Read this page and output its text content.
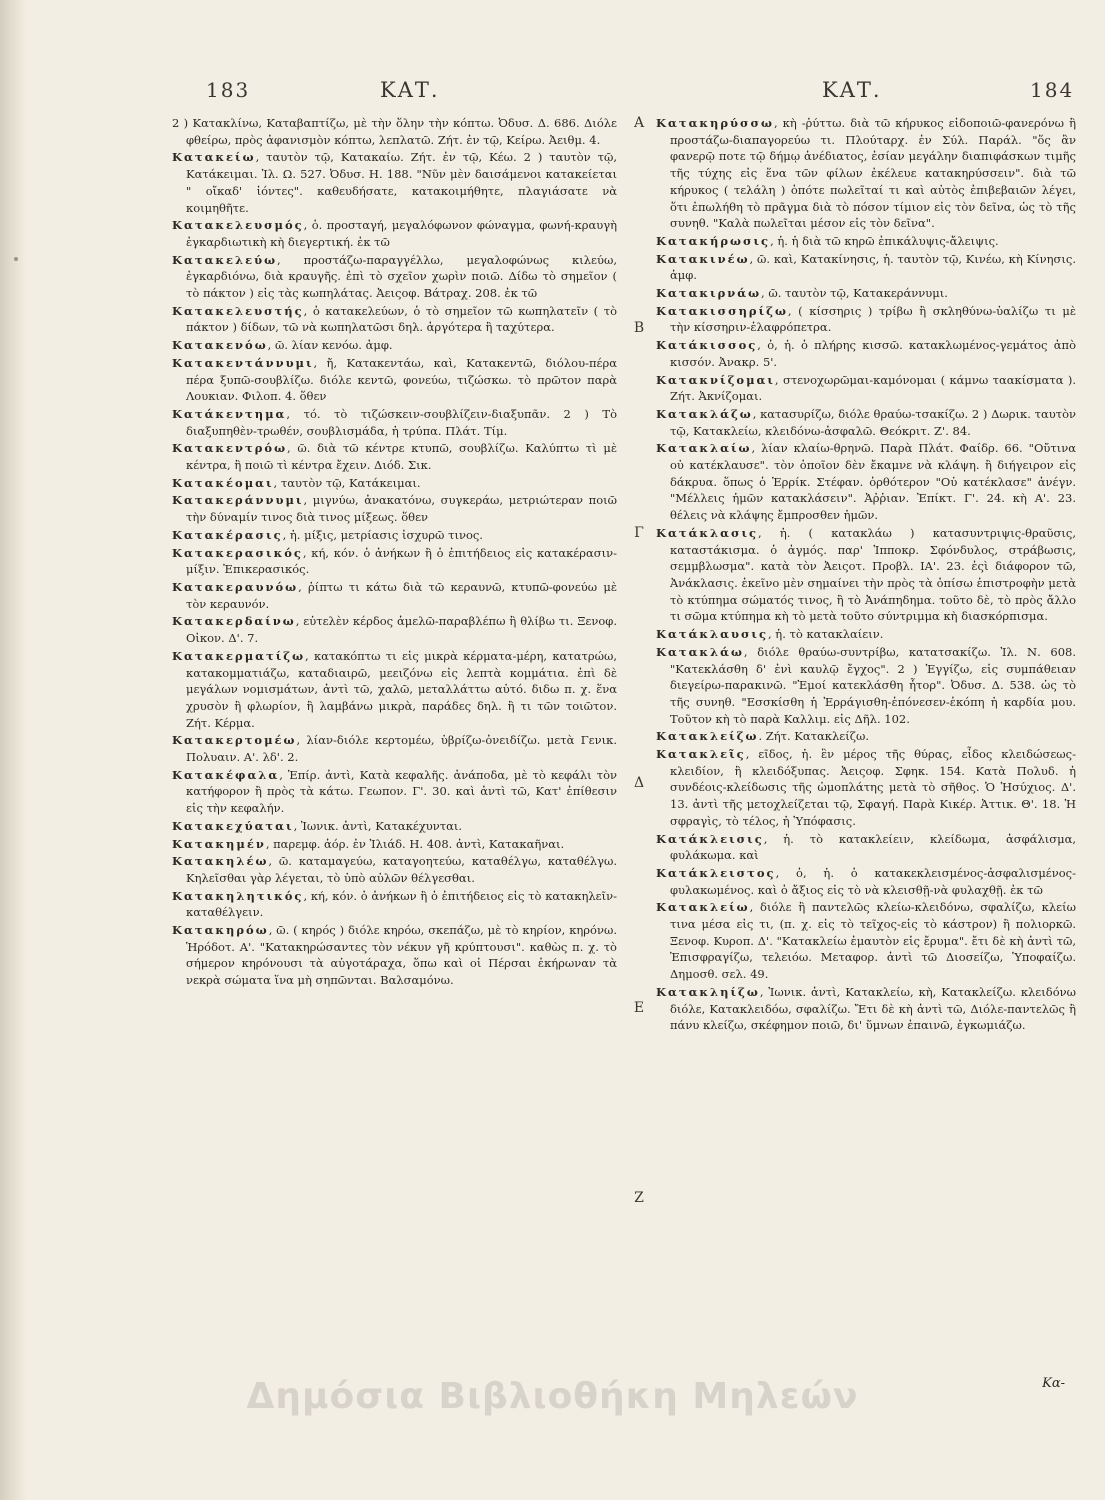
183	ΚΑΤ.	ΚΑΤ.	184
2 ) Κατακλίνω, Καταβαπτίζω, μὲ τὴν ὅλην τὴν κόπτω. Ὀδυσ. Δ. 686. Διόλε φθείρω, πρὸς ἀφανισμὸν κόπτω, λεπλατῶ. Ζήτ. ἐν τῷ, Κείρω. Ἀειθμ. 4.
Κατακείω, ταυτὸν τῷ, Κατακαίω. Ζήτ. ἐν τῷ, Κέω. 2 ) ταυτὸν τῷ, Κατάκειμαι. Ἰλ. Ω. 527. Ὀδυσ. Η. 188. "Νῦν μὲν δαισάμενοι κατακείεται " οἴκαδ' ἰόντες". καθευδήσατε, κατακοιμήθητε, πλαγιάσατε νὰ κοιμηθῆτε.
Κατακελευσμός, ὁ. προσταγή, μεγαλόφωνον φώναγμα, φωνή-κραυγὴ ἐγκαρδιωτικὴ κὴ διεγερτική. ἐκ τῶ
Κατακελεύω, προστάζω-παραγγέλλω, μεγαλοφώνως κιλεύω, ἐγκαρδιόνω, διὰ κραυγῆς. ἐπὶ τὸ σχεῖον χωρὶν ποιῶ. Δίδω τὸ σημεῖον ( τὸ πάκτον ) εἰς τὰς κωπηλάτας. Ἀειςοφ. Βάτραχ. 208. ἐκ τῶ
Κατακελευστής, ὁ κατακελεύων, ὁ τὸ σημεῖον τῶ κωπηλατεῖν ( τὸ πάκτον ) δίδων, τῶ νὰ κωπηλατῶσι δηλ. ἀργότερα ἢ ταχύτερα.
Κατακενόω, ῶ. λίαν κενόω. ἀμφ.
Κατακεντάννυμι, ἤ, Κατακεντάω, καὶ, Κατακεντῶ, διόλου-πέρα πέρα ξυπῶ-σουβλίζω. διόλε κεντῶ, φονεύω, τιζώσκω. τὸ πρῶτον παρὰ Λουκιαν. Φιλοπ. 4. ὅθεν
Κατάκεντημα, τό. τὸ τιζώσκειν-σουβλίζειν-διαξυπᾶν. 2 ) Τὸ διαξυπηθὲν-τρωθέν, σουβλισμάδα, ἡ τρύπα. Πλάτ. Τίμ.
Κατακεντρόω, ῶ. διὰ τῶ κέντρε κτυπῶ, σουβλίζω. Καλύπτω τὶ μὲ κέντρα, ἢ ποιῶ τὶ κέντρα ἔχειν. Διόδ. Σικ.
Κατακέομαι, ταυτὸν τῷ, Κατάκειμαι.
Κατακεράννυμι, μιγνύω, ἀνακατόνω, συγκεράω, μετριώτεραν ποιῶ τὴν δύναμίν τινος διὰ τινος μίξεως. ὅθεν
Κατακέρασις, ἡ. μίξις, μετρίασις ἰσχυρῶ τινος.
Κατακερασικός, κή, κόν. ὁ ἀνήκων ἢ ὁ ἐπιτήδειος εἰς κατακέρασιν-μίξιν. Ἐπικερασικός.
Κατακεραυνόω, ῥίπτω τι κάτω διὰ τῶ κεραυνῶ, κτυπῶ-φονεύω μὲ τὸν κεραυνόν.
Κατακερδαίνω, εὐτελὲν κέρδος ἀμελῶ-παραβλέπω ἢ θλίβω τι. Ξενοφ. Οἰκον. Δ'. 7.
Κατακερματίζω, κατακόπτω τι εἰς μικρὰ κέρματα-μέρη, κατατρώω, κατακομματιάζω, καταδιαιρῶ, μεειζόνω εἰς λεπτὰ κομμάτια. ἐπὶ δὲ μεγάλων νομισμάτων, ἀντὶ τῶ, χαλῶ, μεταλλάττω αὐτό. διδω π. χ. ἕνα χρυσὸν ἢ φλωρίον, ἢ λαμβάνω μικρὰ, παράδες δηλ. ἢ τι τῶν τοιῶτον. Ζήτ. Κέρμα.
Κατακερτομέω, λίαν-διόλε κερτομέω, ὑβρίζω-ὀνειδίζω. μετὰ Γενικ. Πολυαιν. Α'. λδ'. 2.
Κατακέφαλα, Ἐπίρ. ἀντὶ, Κατὰ κεφαλῆς. ἀνάποδα, μὲ τὸ κεφάλι τὸν κατήφορον ἢ πρὸς τὰ κάτω. Γεωπον. Γ'. 30. καὶ ἀντὶ τῶ, Κατ' ἐπίθεσιν εἰς τὴν κεφαλήν.
Κατακεχύαται, Ἰωνικ. ἀντὶ, Κατακέχυνται.
Κατακημέν, παρεμφ. ἀόρ. ἐν Ἰλιάδ. Η. 408. ἀντὶ, Κατακαῆναι.
Κατακηλέω, ῶ. καταμαγεύω, καταγοητεύω, καταθέλγω, καταθέλγω. Κηλεῖσθαι γὰρ λέγεται, τὸ ὑπὸ αὐλῶν θέλγεσθαι.
Κατακηλητικός, κή, κόν. ὁ ἀνήκων ἢ ὁ ἐπιτήδειος εἰς τὸ κατακηλεῖν-καταθέλγειν.
Κατακηρόω, ῶ. ( κηρός ) διόλε κηρόω, σκεπάζω, μὲ τὸ κηρίον, κηρόνω. Ἡρόδοτ. Α'. "Κατακηρώσαντες τὸν νέκυν γῆ κρύπτουσι". καθὼς π. χ. τὸ σήμερον κηρόνουσι τὰ αὐγοτάραχα, ὅπω καὶ οἱ Πέρσαι ἐκήρωναν τὰ νεκρὰ σώματα ἵνα μὴ σηπῶνται. Βαλσαμόνω.
Α
Β
Γ
Δ
Ε
Ζ
Κατακηρύσσω, κὴ -ῥύττω. διὰ τῶ κήρυκος εἰδοποιῶ-φανερόνω ἢ προστάζω-διαπαγορεύω τι. Πλούταρχ. ἐν Σύλ. Παράλ. "ὅς ἂν φανερῷ ποτε τῷ δήμῳ ἀνέδιατος, ἐσίαν μεγάλην διαπιφάσκων τιμῆς τῆς τύχης εἰς ἕνα τῶν φίλων ἐκέλευε κατακηρύσσειν". διὰ τῶ κήρυκος ( τελάλη ) ὁπότε πωλεῖταί τι καὶ αὐτὸς ἐπιβεβαιῶν λέγει, ὅτι ἐπωλήθη τὸ πρᾶγμα διὰ τὸ πόσον τίμιον εἰς τὸν δεῖνα, ὡς τὸ τῆς συνηθ. "Καλὰ πωλεῖται μέσον εἰς τὸν δεῖνα".
Κατακήρωσις, ἡ. ἡ διὰ τῶ κηρῶ ἐπικάλυψις-ἄλειψις.
Κατακινέω, ῶ. καὶ, Κατακίνησις, ἡ. ταυτὸν τῷ, Κινέω, κὴ Κίνησις. ἀμφ.
Κατακιρνάω, ῶ. ταυτὸν τῷ, Κατακεράννυμι.
Κατακισσηρίζω, ( κίσσηρις ) τρίβω ἢ σκληθύνω-ὑαλίζω τι μὲ τὴν κίσσηριν-ἐλαφρόπετρα.
Κατάκισσος, ὁ, ἡ. ὁ πλήρης κισσῶ. κατακλωμένος-γεμάτος ἀπὸ κισσόν. Ἀνακρ. 5'.
Κατακνίζομαι, στενοχωρῶμαι-καμόνομαι ( κάμνω ταακίσματα ). Ζήτ. Ἀκνίζομαι.
Κατακλάζω, κατασυρίζω, διόλε θραύω-τσακίζω. 2 ) Δωρικ. ταυτὸν τῷ, Κατακλείω, κλειδόνω-ἀσφαλῶ. Θεόκριτ. Ζ'. 84.
Κατακλαίω, λίαν κλαίω-θρηνῶ. Παρὰ Πλάτ. Φαίδρ. 66. "Οὔτινα οὐ κατέκλαυσε". τὸν ὁποῖον δὲν ἔκαμνε νὰ κλάψη. ἢ διήγειρον εἰς δάκρυα. ὅπως ὁ Ἑρρίκ. Στέφαν. ὀρθότερον "Οὐ κατέκλασε" ἀνέγν. "Μέλλεις ἡμῶν κατακλάσειν". Ἀῤῥιαν. Ἐπίκτ. Γ'. 24. κὴ Α'. 23. θέλεις νὰ κλάψης ἔμπροσθεν ἡμῶν.
Κατάκλασις, ἡ. ( κατακλάω ) κατασυντριψις-θραῦσις, καταστάκισμα. ὁ ἀγμός. παρ' Ἱπποκρ. Σφόνδυλος, στράβωσις, σεμμβλωσμα". κατὰ τὸν Ἀειςοτ. Προβλ. ΙΑ'. 23. ἐςὶ διάφορον τῶ, Ἀνάκλασις. ἐκεῖνο μὲν σημαίνει τὴν πρὸς τὰ ὀπίσω ἐπιστροφὴν μετὰ τὸ κτύπημα σώματός τινος, ἢ τὸ Ἀνάπηδημα. τοῦτο δὲ, τὸ πρὸς ἄλλο τι σῶμα κτύπημα κὴ τὸ μετὰ τοῦτο σύντριμμα κὴ διασκόρπισμα.
Κατάκλαυσις, ἡ. τὸ κατακλαίειν.
Κατακλάω, διόλε θραύω-συντρίβω, κατατσακίζω. Ἰλ. Ν. 608. "Κατεκλάσθη δ' ἐνὶ καυλῷ ἔγχος". 2 ) Ἐγγίζω, εἰς συμπάθειαν διεγείρω-παρακινῶ. "Ἐμοί κατεκλάσθη ἦτορ". Ὀδυσ. Δ. 538. ὡς τὸ τῆς συνηθ. "Εσσκίσθη ἡ Ἐρράγισθη-ἐπόνεσεν-ἐκόπη ἡ καρδία μου. Τοῦτον κὴ τὸ παρὰ Καλλιμ. εἰς Δῆλ. 102.
Κατακλείζω. Ζήτ. Κατακλείζω.
Κατακλεῖς, εῖδος, ἡ. ἓν μέρος τῆς θύρας, εἶδος κλειδώσεως-κλειδίον, ἢ κλειδόξυπας. Ἀειςοφ. Σφηκ. 154. Κατὰ Πολυδ. ἡ συνδέοις-κλείδωσις τῆς ὡμοπλάτης μετὰ τὸ σῆθος. Ὁ Ἡσύχιος. Δ'. 13. ἀντὶ τῆς μετοχλείζεται τῷ, Σφαγή. Παρὰ Κικέρ. Ἀττικ. Θ'. 18. Ἡ σφραγὶς, τὸ τέλος, ἡ Ὑπόφασις.
Κατάκλεισις, ἡ. τὸ κατακλείειν, κλείδωμα, ἀσφάλισμα, φυλάκωμα. καὶ
Κατάκλειστος, ὁ, ἡ. ὁ κατακεκλεισμένος-ἀσφαλισμένος-φυλακωμένος. καὶ ὁ ἄξιος εἰς τὸ νὰ κλεισθῇ-νὰ φυλαχθῇ. ἐκ τῶ
Κατακλείω, διόλε ἢ παντελῶς κλείω-κλειδόνω, σφαλίζω, κλείω τινα μέσα εἰς τι, (π. χ. εἰς τὸ τεῖχος-εἰς τὸ κάστρον) ἢ πολιορκῶ. Ξενοφ. Κυροπ. Δ'. "Κατακλείω ἐμαυτὸν εἰς ἔρυμα". ἔτι δὲ κὴ ἀντὶ τῶ, Ἐπισφραγίζω, τελειόω. Μεταφορ. ἀντὶ τῶ Διοσείζω, Ὑποφαίζω. Δημοσθ. σελ. 49.
Κατακληίζω, Ἰωνικ. ἀντὶ, Κατακλείω, κὴ, Κατακλείζω. κλειδόνω διόλε, Κατακλειδόω, σφαλίζω. Ἔτι δὲ κὴ ἀντὶ τῶ, Διόλε-παντελῶς ἢ πάνυ κλείζω, σκέφημον ποιῶ, δι' ὕμνων ἐπαινῶ, ἐγκωμιάζω.
Κα-
Δημόσια Βιβλιοθήκη Μηλεών
